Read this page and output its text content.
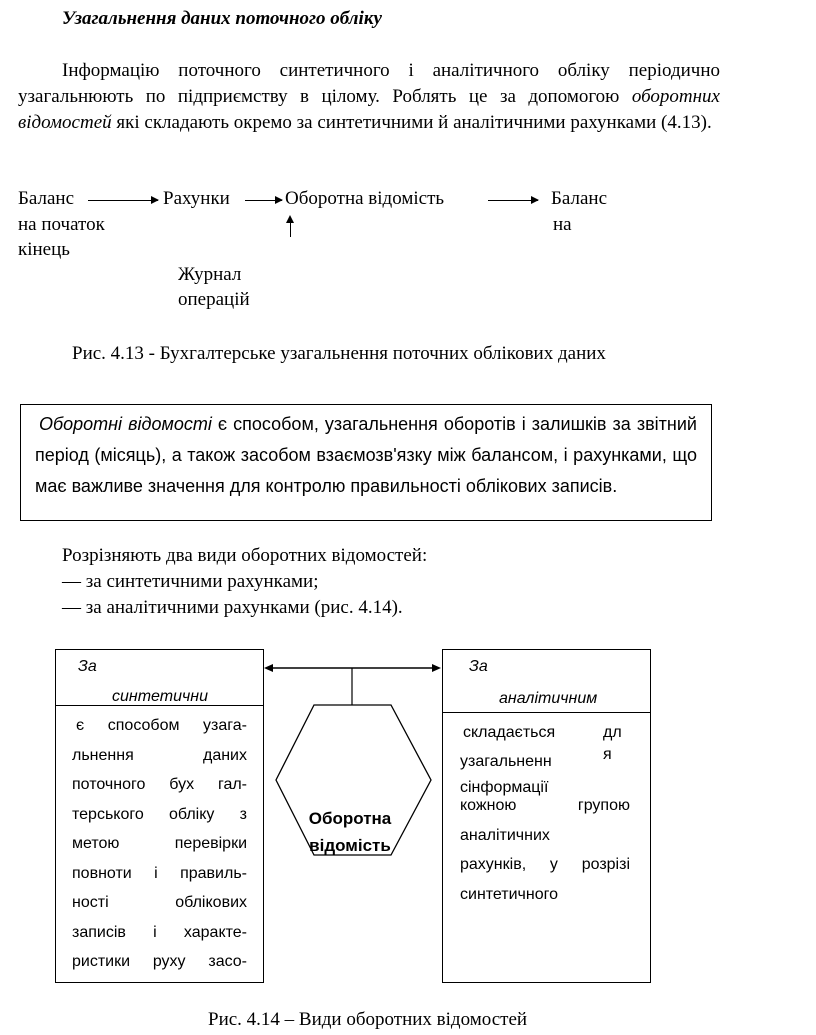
Узагальнення даних поточного обліку
Інформацію поточного синтетичного і аналітичного обліку періодично узагальнюють по підприємству в цілому. Роблять це за допомогою оборотних відомостей які складають окремо за синтетичними й аналітичними рахунками (4.13).
Баланс	Рахунки	Оборотна відомість	Баланс
на початок	на
кінець
Журнал
операцій
Рис. 4.13 - Бухгалтерське узагальнення поточних облікових даних

Оборотні відомості є способом, узагальнення оборотів і залишків за звітний період (місяць), а також засобом взаємозв'язку між балансом, і рахунками, що має важливе значення для контролю правильності облікових записів.

Розрізняють два види оборотних відомостей:
— за синтетичними рахунками;
— за аналітичними рахунками (рис. 4.14).
Оборотна
відомість
За
синтетични
є способом узага-
льнення даних
поточного бух гал-
терського обліку з
метою перевірки
повноти і правиль-
ності облікових
записів і характе-
ристики руху засо-
За
аналітичним
складається	дл
я
узагальненн
сінформації
кожною групою
аналітичних
рахунків, у розрізі
синтетичного
Рис. 4.14 – Види оборотних відомостей
